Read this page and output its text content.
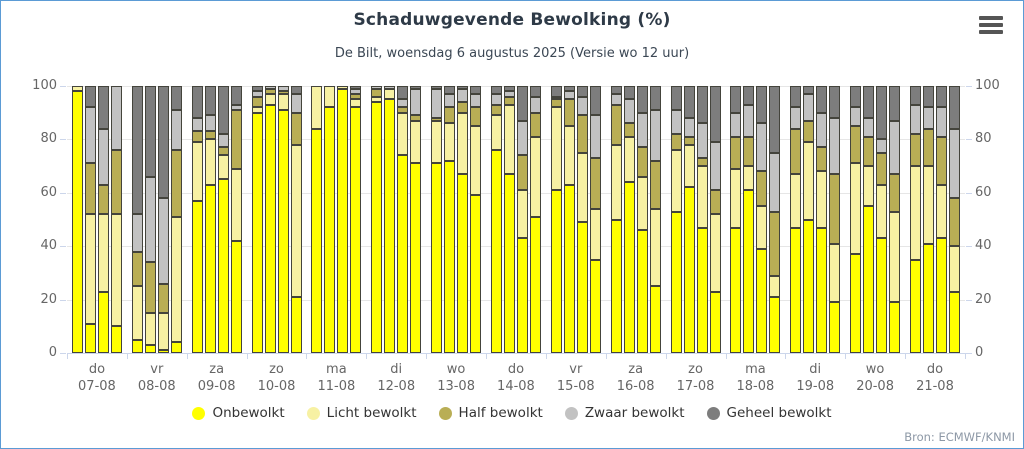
Schaduwgevende Bewolking (%)
De Bilt, woensdag 6 augustus 2025 (Versie wo 12 uur)
0	0
20	20
40	40
60	60
80	80
100	100
do
07-08
vr
08-08
za
09-08
zo
10-08
ma
11-08
di
12-08
wo
13-08
do
14-08
vr
15-08
za
16-08
zo
17-08
ma
18-08
di
19-08
wo
20-08
do
21-08
Onbewolkt	Licht bewolkt	Half bewolkt	Zwaar bewolkt	Geheel bewolkt
Bron: ECMWF/KNMI
